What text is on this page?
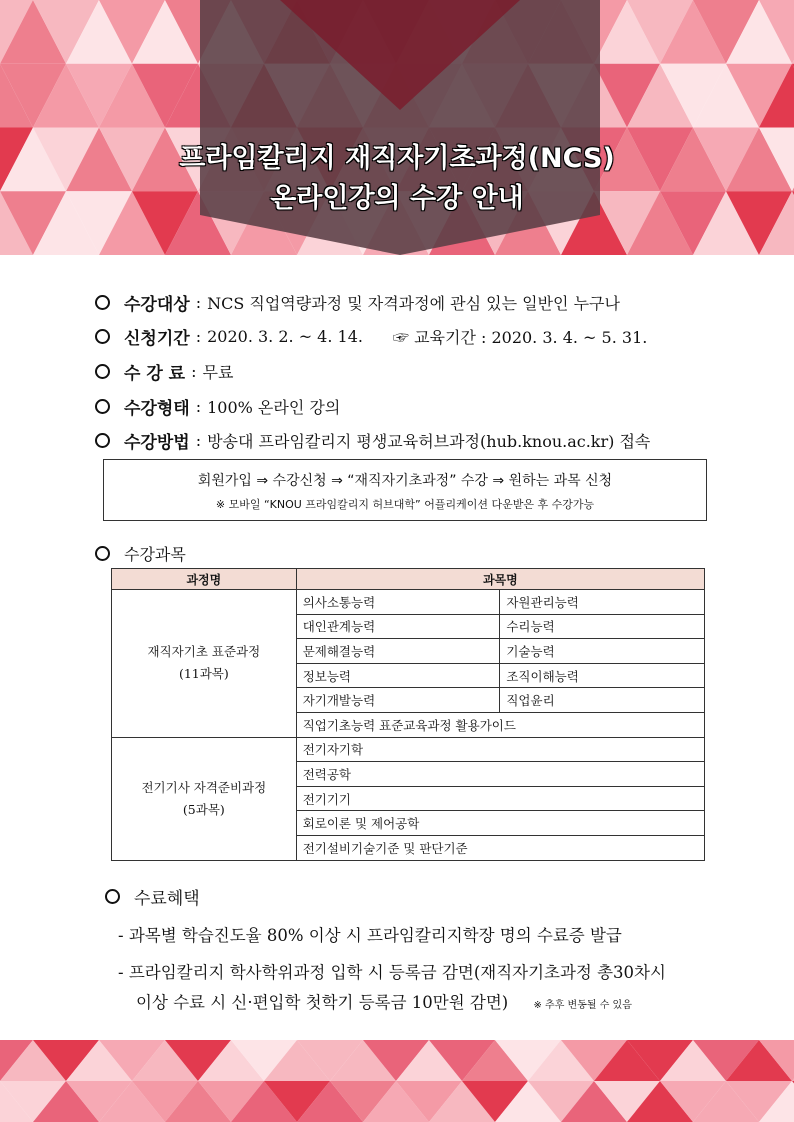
프라임칼리지 재직자기초과정(NCS)
온라인강의 수강 안내
수강대상 : NCS 직업역량과정 및 자격과정에 관심 있는 일반인 누구나
신청기간 : 2020. 3. 2. ~ 4. 14. ☞ 교육기간 : 2020. 3. 4. ~ 5. 31.
수 강 료 : 무료
수강형태 : 100% 온라인 강의
수강방법 : 방송대 프라임칼리지 평생교육허브과정(hub.knou.ac.kr) 접속
회원가입 ⇒ 수강신청 ⇒ “재직자기초과정” 수강 ⇒ 원하는 과목 신청
※ 모바일 “KNOU 프라임칼리지 허브대학” 어플리케이션 다운받은 후 수강가능
수강과목
과정명	과목명	

재직자기초 표준과정
(11과목)	의사소통능력	자원관리능력
	대인관계능력	수리능력
	문제해결능력	기술능력
	정보능력	조직이해능력
	자기개발능력	직업윤리
	직업기초능력 표준교육과정 활용가이드	

전기기사 자격준비과정
(5과목)	전기자기학	
	전력공학	
	전기기기	
	회로이론 및 제어공학	
	전기설비기술기준 및 판단기준	
수료혜택
- 과목별 학습진도율 80% 이상 시 프라임칼리지학장 명의 수료증 발급
- 프라임칼리지 학사학위과정 입학 시 등록금 감면(재직자기초과정 총30차시
이상 수료 시 신·편입학 첫학기 등록금 10만원 감면)	※ 추후 변동될 수 있음
